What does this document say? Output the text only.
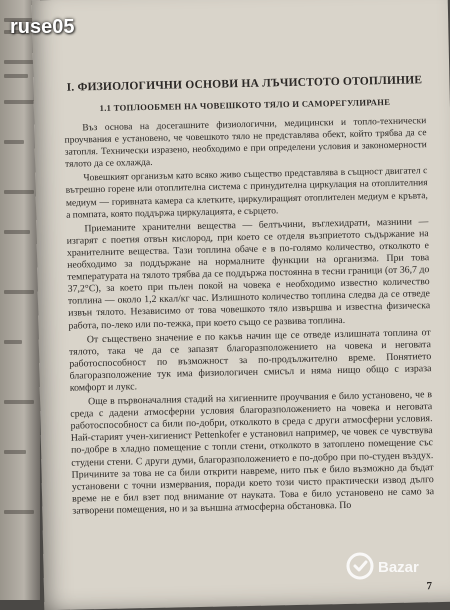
I. ФИЗИОЛОГИЧНИ ОСНОВИ НА ЛЪЧИСТОТО ОТОПЛИНИЕ
1.1 ТОПЛООБМЕН НА ЧОВЕШКОТО ТЯЛО И САМОРЕГУЛИРАНЕ

Въз основа на досегашните физиологични, медицински и топло-технически проучвания е установено, че човешкото тяло не представлява обект, който трябва да се затопля. Технически изразено, необходимо е при определени условия и закономерности тялото да се охлажда.

Човешкият организъм като всяко живо същество представлява в същност двигател с вътрешно горене или отоплителна система с принудителна циркулация на отоплителния медиум — горивната камера са клетките, циркулиращият отоплителен медиум е кръвта, а помпата, която поддържа циркулацията, е сърцето.

Приеманите хранителни вещества — белтъчини, въглехидрати, мазнини — изгарят с поетия отвън кислород, при което се отделя възприетото съдържание на хранителните вещества. Тази топлина обаче е в по-голямо количество, отколкото е необходимо за поддържане на нормалните функции на организма. При това температурата на тялото трябва да се поддържа постоянна в тесни граници (от 36,7 до 37,2°С), за което при пълен покой на човека е необходимо известно количество топлина — около 1,2 ккал/кг час. Излишното количество топлина следва да се отведе извън тялото. Независимо от това човешкото тяло извършва и известна физическа работа, по-леко или по-тежка, при което също се развива топлина.

От съществено значение е по какъв начин ще се отведе излишната топлина от тялото, така че да се запазят благоразположението на човека и неговата работоспособност по възможност за по-продължително време. Понятието благоразположение тук има физиологичен смисъл и няма нищо общо с израза комфорт и лукс.

Още в първоначалния стадий на хигиенните проучвания е било установено, че в среда с дадени атмосферни условия благоразположението на човека и неговата работоспособност са били по-добри, отколкото в среда с други атмосферни условия. Най-старият учен-хигиенист Pettenkofer е установил например, че човек се чувствува по-добре в хладно помещение с топли стени, отколкото в затоплено помещение със студени стени. С други думи, благоразположението е по-добро при по-студен въздух. Причините за това не са били открити навреме, нито пък е било възможно да бъдат установени с точни измервания, поради което този чисто практически извод дълго време не е бил взет под внимание от науката. Това е било установено не само за затворени помещения, но и за външна атмосферна обстановка. По

7
ruse05
Bazar
